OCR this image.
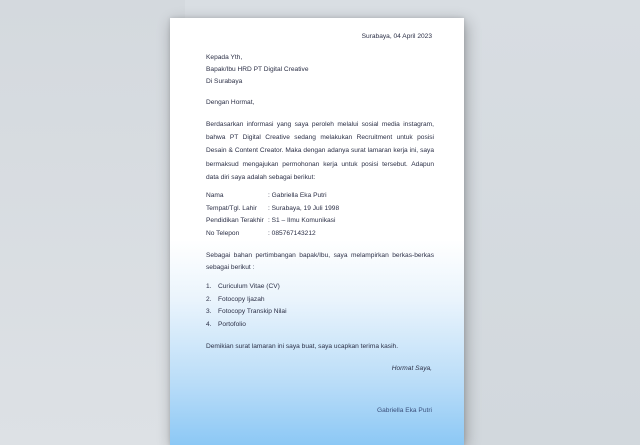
Surabaya, 04 April 2023
Kepada Yth,
Bapak/Ibu HRD PT Digital Creative
Di Surabaya
Dengan Hormat,
Berdasarkan informasi yang saya peroleh melalui sosial media instagram, bahwa PT Digital Creative sedang melakukan Recruitment untuk posisi Desain & Content Creator. Maka dengan adanya surat lamaran kerja ini, saya bermaksud mengajukan permohonan kerja untuk posisi tersebut. Adapun data diri saya adalah sebagai berikut:
Nama	: Gabriella Eka Putri
Tempat/Tgl. Lahir : Surabaya, 19 Juli 1998
Pendidikan Terakhir : S1 – Ilmu Komunikasi
No Telepon	: 085767143212
Sebagai bahan pertimbangan bapak/Ibu, saya melampirkan berkas-berkas sebagai berikut :
1. Curiculum Vitae (CV)
2. Fotocopy Ijazah
3. Fotocopy Transkip Nilai
4. Portofolio
Demikian surat lamaran ini saya buat, saya ucapkan terima kasih.
Hormat Saya,
Gabriella Eka Putri
